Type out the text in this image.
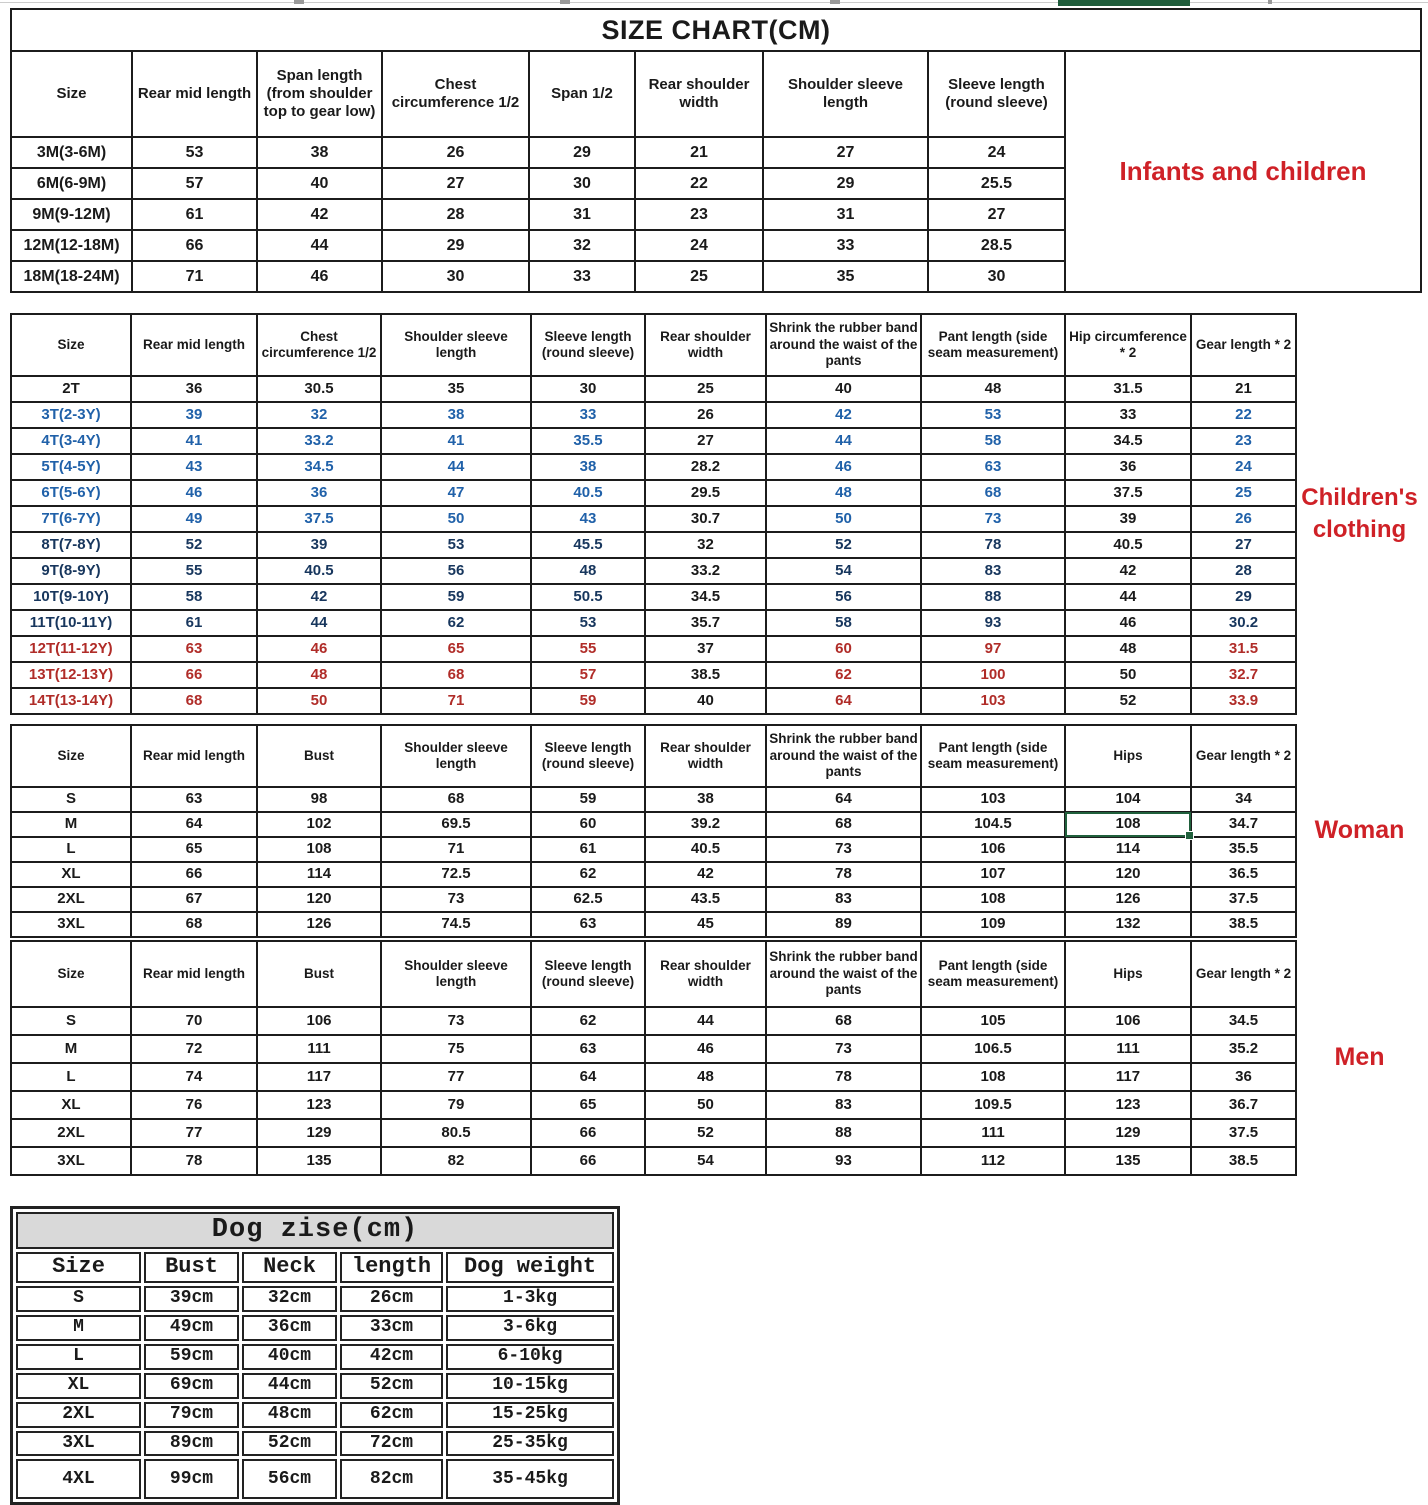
SIZE CHART(CM)								
Size	Rear mid length	Span length (from shoulder top to gear low)	Chest circumference 1/2	Span 1/2	Rear shoulder width	Shoulder sleeve length	Sleeve length (round sleeve)	Infants and children
3M(3-6M)	53	38	26	29	21	27	24	
6M(6-9M)	57	40	27	30	22	29	25.5	
9M(9-12M)	61	42	28	31	23	31	27	
12M(12-18M)	66	44	29	32	24	33	28.5	
18M(18-24M)	71	46	30	33	25	35	30	
Size	Rear mid length	Chest circumference 1/2	Shoulder sleeve length	Sleeve length (round sleeve)	Rear shoulder width	Shrink the rubber band around the waist of the pants	Pant length (side seam measurement)	Hip circumference * 2	Gear length * 2
2T	36	30.5	35	30	25	40	48	31.5	21
3T(2-3Y)	39	32	38	33	26	42	53	33	22
4T(3-4Y)	41	33.2	41	35.5	27	44	58	34.5	23
5T(4-5Y)	43	34.5	44	38	28.2	46	63	36	24
6T(5-6Y)	46	36	47	40.5	29.5	48	68	37.5	25
7T(6-7Y)	49	37.5	50	43	30.7	50	73	39	26
8T(7-8Y)	52	39	53	45.5	32	52	78	40.5	27
9T(8-9Y)	55	40.5	56	48	33.2	54	83	42	28
10T(9-10Y)	58	42	59	50.5	34.5	56	88	44	29
11T(10-11Y)	61	44	62	53	35.7	58	93	46	30.2
12T(11-12Y)	63	46	65	55	37	60	97	48	31.5
13T(12-13Y)	66	48	68	57	38.5	62	100	50	32.7
14T(13-14Y)	68	50	71	59	40	64	103	52	33.9
Children's clothing
Size	Rear mid length	Bust	Shoulder sleeve length	Sleeve length (round sleeve)	Rear shoulder width	Shrink the rubber band around the waist of the pants	Pant length (side seam measurement)	Hips	Gear length * 2
S	63	98	68	59	38	64	103	104	34
M	64	102	69.5	60	39.2	68	104.5	108	34.7
L	65	108	71	61	40.5	73	106	114	35.5
XL	66	114	72.5	62	42	78	107	120	36.5
2XL	67	120	73	62.5	43.5	83	108	126	37.5
3XL	68	126	74.5	63	45	89	109	132	38.5
Woman
Size	Rear mid length	Bust	Shoulder sleeve length	Sleeve length (round sleeve)	Rear shoulder width	Shrink the rubber band around the waist of the pants	Pant length (side seam measurement)	Hips	Gear length * 2
S	70	106	73	62	44	68	105	106	34.5
M	72	111	75	63	46	73	106.5	111	35.2
L	74	117	77	64	48	78	108	117	36
XL	76	123	79	65	50	83	109.5	123	36.7
2XL	77	129	80.5	66	52	88	111	129	37.5
3XL	78	135	82	66	54	93	112	135	38.5
Men
Dog zise(cm)				
Size	Bust	Neck	length	Dog weight
S	39cm	32cm	26cm	1-3kg
M	49cm	36cm	33cm	3-6kg
L	59cm	40cm	42cm	6-10kg
XL	69cm	44cm	52cm	10-15kg
2XL	79cm	48cm	62cm	15-25kg
3XL	89cm	52cm	72cm	25-35kg
4XL	99cm	56cm	82cm	35-45kg
